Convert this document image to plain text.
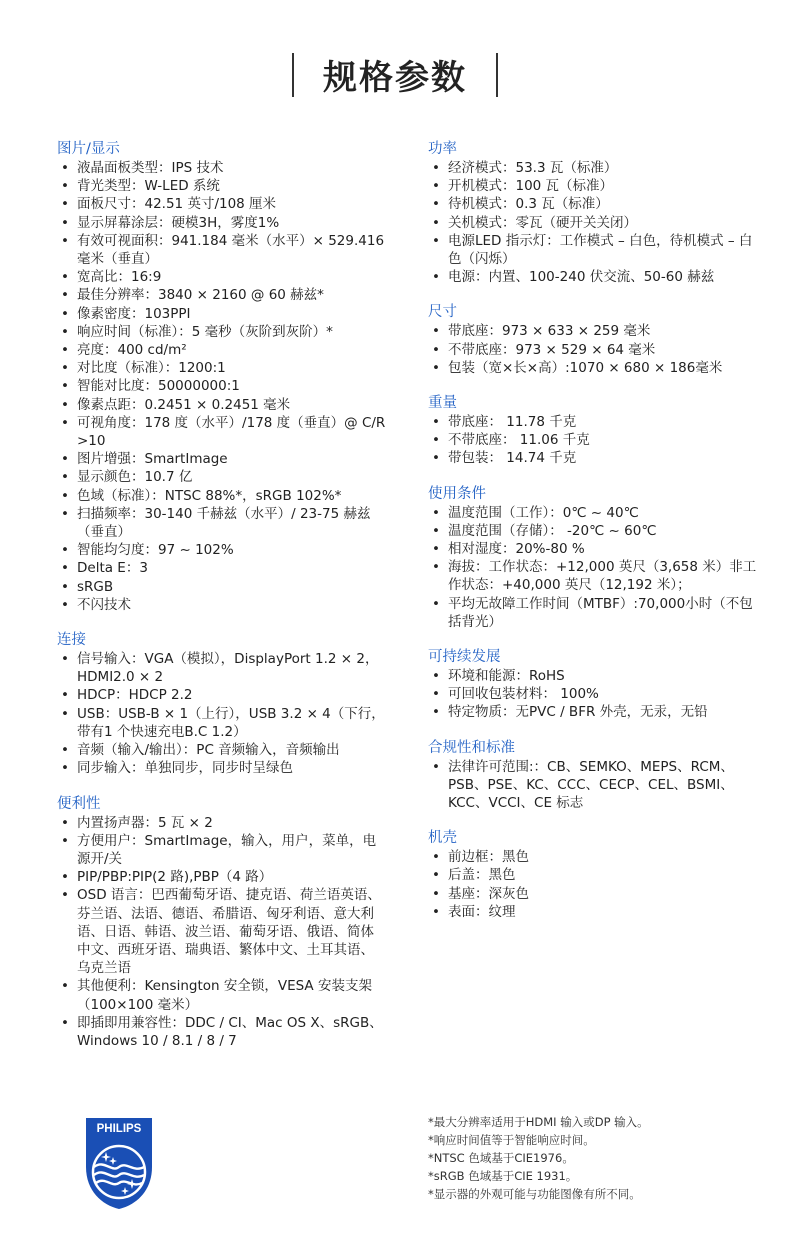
规格参数
图片/显示
• 液晶面板类型：IPS 技术
• 背光类型：W-LED 系统
• 面板尺寸：42.51 英寸/108 厘米
• 显示屏幕涂层：硬模3H，雾度1%
• 有效可视面积：941.184 毫米（水平）× 529.416 毫米（垂直）
• 宽高比：16:9
• 最佳分辨率：3840 × 2160 @ 60 赫兹*
• 像素密度：103PPI
• 响应时间（标准）：5 毫秒（灰阶到灰阶）*
• 亮度：400 cd/m²
• 对比度（标准）：1200:1
• 智能对比度：50000000:1
• 像素点距：0.2451 × 0.2451 毫米
• 可视角度：178 度（水平）/178 度（垂直）@ C/R >10
• 图片增强：SmartImage
• 显示颜色：10.7 亿
• 色域（标准）：NTSC 88%*，sRGB 102%*
• 扫描频率：30-140 千赫兹（水平）/ 23-75 赫兹（垂直）
• 智能均匀度：97 ~ 102%
• Delta E：3
• sRGB
• 不闪技术
连接
• 信号输入：VGA（模拟），DisplayPort 1.2 × 2，HDMI2.0 × 2
• HDCP：HDCP 2.2
• USB：USB-B × 1（上行），USB 3.2 × 4（下行，带有1 个快速充电B.C 1.2）
• 音频（输入/输出）：PC 音频输入，音频输出
• 同步输入：单独同步，同步时呈绿色
便利性
• 内置扬声器：5 瓦 × 2
• 方便用户：SmartImage，输入，用户，菜单，电源开/关
• PIP/PBP:PIP(2 路),PBP（4 路）
• OSD 语言：巴西葡萄牙语、捷克语、荷兰语英语、芬兰语、法语、德语、希腊语、匈牙利语、意大利语、日语、韩语、波兰语、葡萄牙语、俄语、简体中文、西班牙语、瑞典语、繁体中文、土耳其语、乌克兰语
• 其他便利：Kensington 安全锁，VESA 安装支架（100×100 毫米）
• 即插即用兼容性：DDC / CI、Mac OS X、sRGB、Windows 10 / 8.1 / 8 / 7
功率
• 经济模式：53.3 瓦（标准）
• 开机模式：100 瓦（标准）
• 待机模式：0.3 瓦（标准）
• 关机模式：零瓦（硬开关关闭）
• 电源LED 指示灯：工作模式 – 白色，待机模式 – 白色（闪烁）
• 电源：内置、100-240 伏交流、50-60 赫兹
尺寸
• 带底座：973 × 633 × 259 毫米
• 不带底座：973 × 529 × 64 毫米
• 包装（宽×长×高）:1070 × 680 × 186毫米
重量
• 带底座： 11.78 千克
• 不带底座： 11.06 千克
• 带包装： 14.74 千克
使用条件
• 温度范围（工作）：0℃ ~ 40℃
• 温度范围（存储）： -20℃ ~ 60℃
• 相对湿度：20%-80 %
• 海拔：工作状态：+12,000 英尺（3,658 米）非工作状态：+40,000 英尺（12,192 米）；
• 平均无故障工作时间（MTBF）:70,000小时（不包括背光）
可持续发展
• 环境和能源：RoHS
• 可回收包装材料： 100%
• 特定物质：无PVC / BFR 外壳，无汞，无铅
合规性和标准
• 法律许可范围:：CB、SEMKO、MEPS、RCM、PSB、PSE、KC、CCC、CECP、CEL、BSMI、KCC、VCCI、CE 标志
机壳
• 前边框：黑色
• 后盖：黑色
• 基座：深灰色
• 表面：纹理
PHILIPS	*最大分辨率适用于HDMI 输入或DP 输入。
*响应时间值等于智能响应时间。
*NTSC 色域基于CIE1976。
*sRGB 色域基于CIE 1931。
*显示器的外观可能与功能图像有所不同。
